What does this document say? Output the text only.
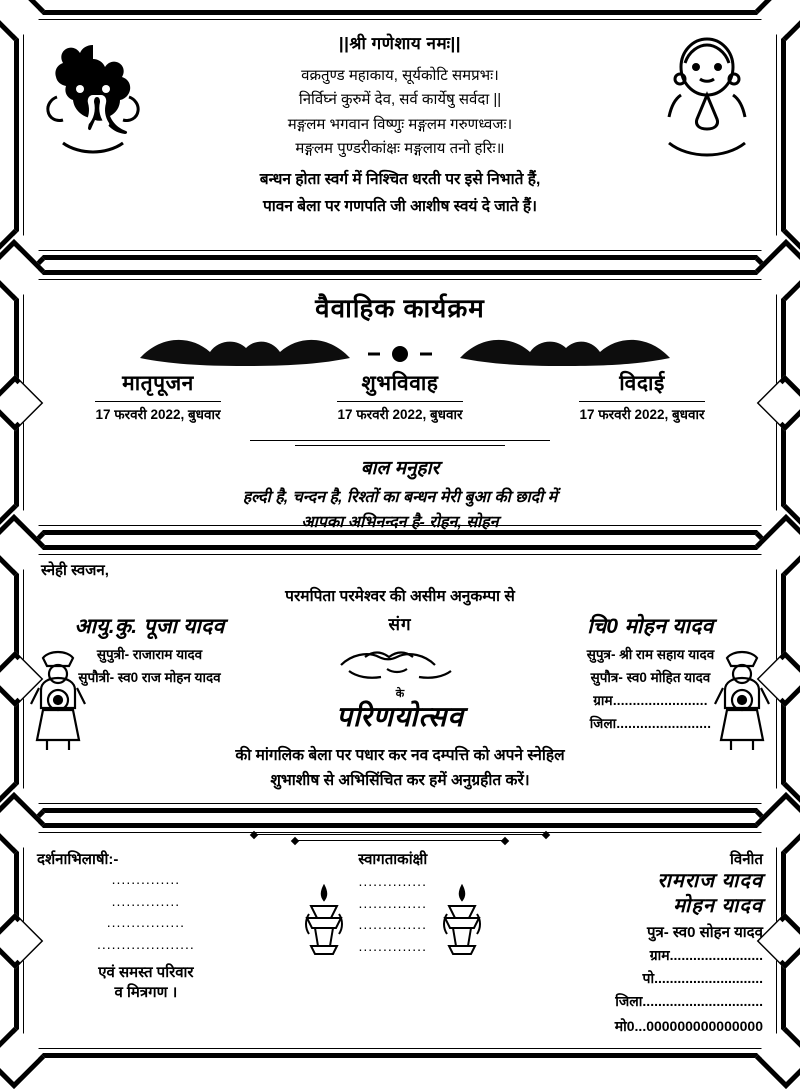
||श्री गणेशाय नमः||
वक्रतुण्ड महाकाय, सूर्यकोटि समप्रभः।
निर्विघ्नं कुरुमें देव, सर्व कार्येषु सर्वदा ||
मङ्गलम भगवान विष्णुः मङ्गलम गरुणध्वजः।
मङ्गलम पुण्डरीकांक्षः मङ्गलाय तनो हरिः॥
बन्धन होता स्वर्ग में निश्चित धरती पर इसे निभाते हैं,
पावन बेला पर गणपति जी आशीष स्वयं दे जाते हैं।
वैवाहिक कार्यक्रम
मातृपूजन
17 फरवरी 2022, बुधवार
शुभविवाह
17 फरवरी 2022, बुधवार
विदाई
17 फरवरी 2022, बुधवार
बाल मनुहार
हल्दी है, चन्दन है, रिश्तों का बन्धन मेरी बुआ की छादी में
आपका अभिनन्दन है- रोहन, सोहन
स्नेही स्वजन,
परमपिता परमेश्वर की असीम अनुकम्पा से
आयु.कु. पूजा यादव
सुपुत्री- राजाराम यादव
सुपौत्री- स्व0 राज मोहन यादव
संग
के
परिणयोत्सव
चि0 मोहन यादव
सुपुत्र- श्री राम सहाय यादव
सुपौत्र- स्व0 मोहित यादव
ग्राम........................
जिला........................
की मांगलिक बेला पर पधार कर नव दम्पत्ति को अपने स्नेहिल
शुभाशीष से अभिसिंचित कर हमें अनुग्रहीत करें।
दर्शनाभिलाषी:-
..............
..............
................
....................
एवं समस्त परिवार
व मित्रगण ।
स्वागताकांक्षी
..............
..............
..............
..............
विनीत
रामराज यादव
मोहन यादव
पुत्र- स्व0 सोहन यादव
ग्राम........................
पो............................
जिला...............................
मो0...000000000000000
